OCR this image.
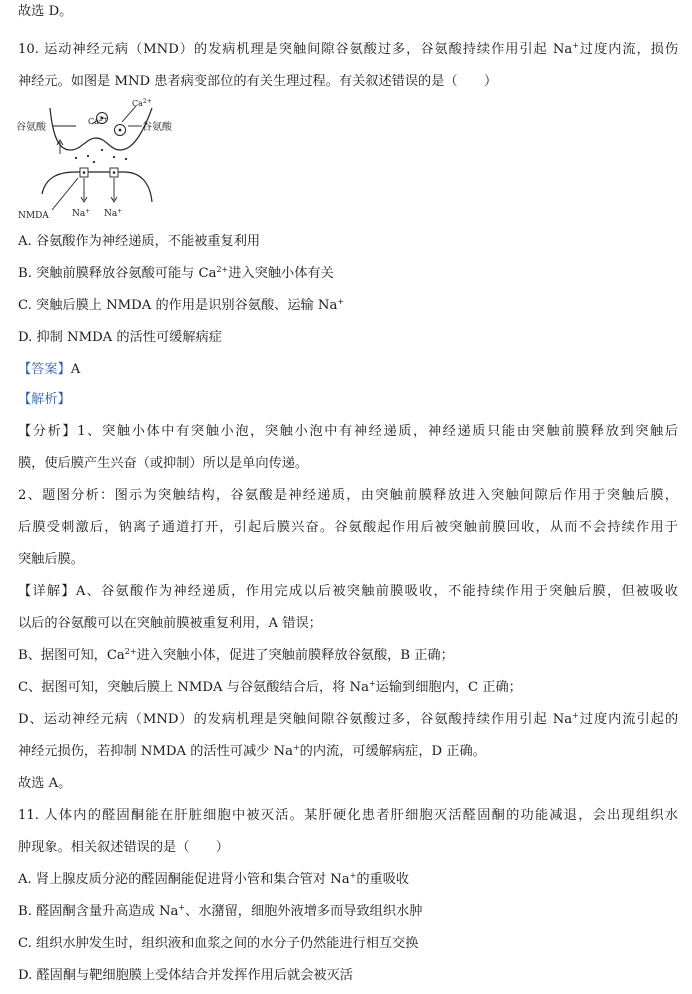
故选 D。
10. 运动神经元病（MND）的发病机理是突触间隙谷氨酸过多，谷氨酸持续作用引起 Na+过度内流，损伤
神经元。如图是 MND 患者病变部位的有关生理过程。有关叙述错误的是（　　）
谷氨酸	谷氨酸
$Ca^{2+}$
$Ca^{2+}$
NMDA	Na+ Na+
A. 谷氨酸作为神经递质，不能被重复利用
B. 突触前膜释放谷氨酸可能与 $Ca^{2+}$进入突触小体有关
C. 突触后膜上 NMDA 的作用是识别谷氨酸、运输 Na+
D. 抑制 NMDA 的活性可缓解病症
【答案】A
【解析】
【分析】1、突触小体中有突触小泡，突触小泡中有神经递质，神经递质只能由突触前膜释放到突触后
膜，使后膜产生兴奋（或抑制）所以是单向传递。
2、题图分析：图示为突触结构，谷氨酸是神经递质，由突触前膜释放进入突触间隙后作用于突触后膜，
后膜受刺激后，钠离子通道打开，引起后膜兴奋。谷氨酸起作用后被突触前膜回收，从而不会持续作用于
突触后膜。
【详解】A、谷氨酸作为神经递质，作用完成以后被突触前膜吸收，不能持续作用于突触后膜，但被吸收
以后的谷氨酸可以在突触前膜被重复利用，A 错误；
B、据图可知，$Ca^{2+}$进入突触小体，促进了突触前膜释放谷氨酸，B 正确；
C、据图可知，突触后膜上 NMDA 与谷氨酸结合后，将 Na+运输到细胞内，C 正确；
D、运动神经元病（MND）的发病机理是突触间隙谷氨酸过多，谷氨酸持续作用引起 Na+过度内流引起的
神经元损伤，若抑制 NMDA 的活性可减少 Na+的内流，可缓解病症，D 正确。
故选 A。
11. 人体内的醛固酮能在肝脏细胞中被灭活。某肝硬化患者肝细胞灭活醛固酮的功能减退，会出现组织水
肿现象。相关叙述错误的是（　　）
A. 肾上腺皮质分泌的醛固酮能促进肾小管和集合管对 Na+的重吸收
B. 醛固酮含量升高造成 Na+、水潴留，细胞外液增多而导致组织水肿
C. 组织水肿发生时，组织液和血浆之间的水分子仍然能进行相互交换
D. 醛固酮与靶细胞膜上受体结合并发挥作用后就会被灭活
